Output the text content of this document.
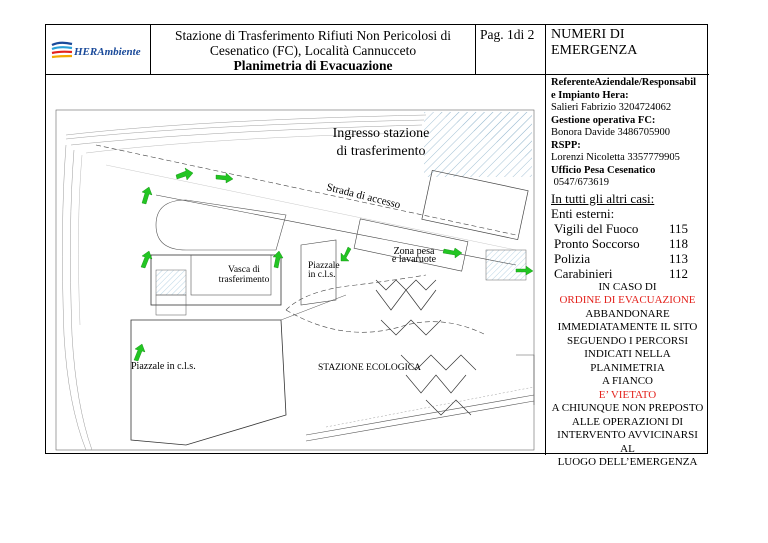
HERAmbiente
Stazione di Trasferimento Rifiuti Non Pericolosi di
Cesenatico (FC), Località Cannucceto
Planimetria di Evacuazione
Pag. 1di 2	NUMERI DI
EMERGENZA
Ingresso stazione
di trasferimento
Strada di accesso
Zona pesa
e lavaruote
Vasca di
trasferimento
Piazzale
in c.l.s.
Piazzale in c.l.s.	STAZIONE ECOLOGICA
ReferenteAziendale/Responsabil
e Impianto Hera:
Salieri Fabrizio 3204724062
Gestione operativa FC:
Bonora Davide 3486705900
RSPP:
Lorenzi Nicoletta 3357779905
Ufficio Pesa Cesenatico
0547/673619
In tutti gli altri casi:
Enti esterni:
Vigili del Fuoco	115
Pronto Soccorso	118
Polizia	113
Carabinieri	112
IN CASO DI
ORDINE DI EVACUAZIONE
ABBANDONARE
IMMEDIATAMENTE IL SITO
SEGUENDO I PERCORSI
INDICATI NELLA
PLANIMETRIA
A FIANCO
E’ VIETATO
A CHIUNQUE NON PREPOSTO
ALLE OPERAZIONI DI
INTERVENTO AVVICINARSI
AL
LUOGO DELL’EMERGENZA
